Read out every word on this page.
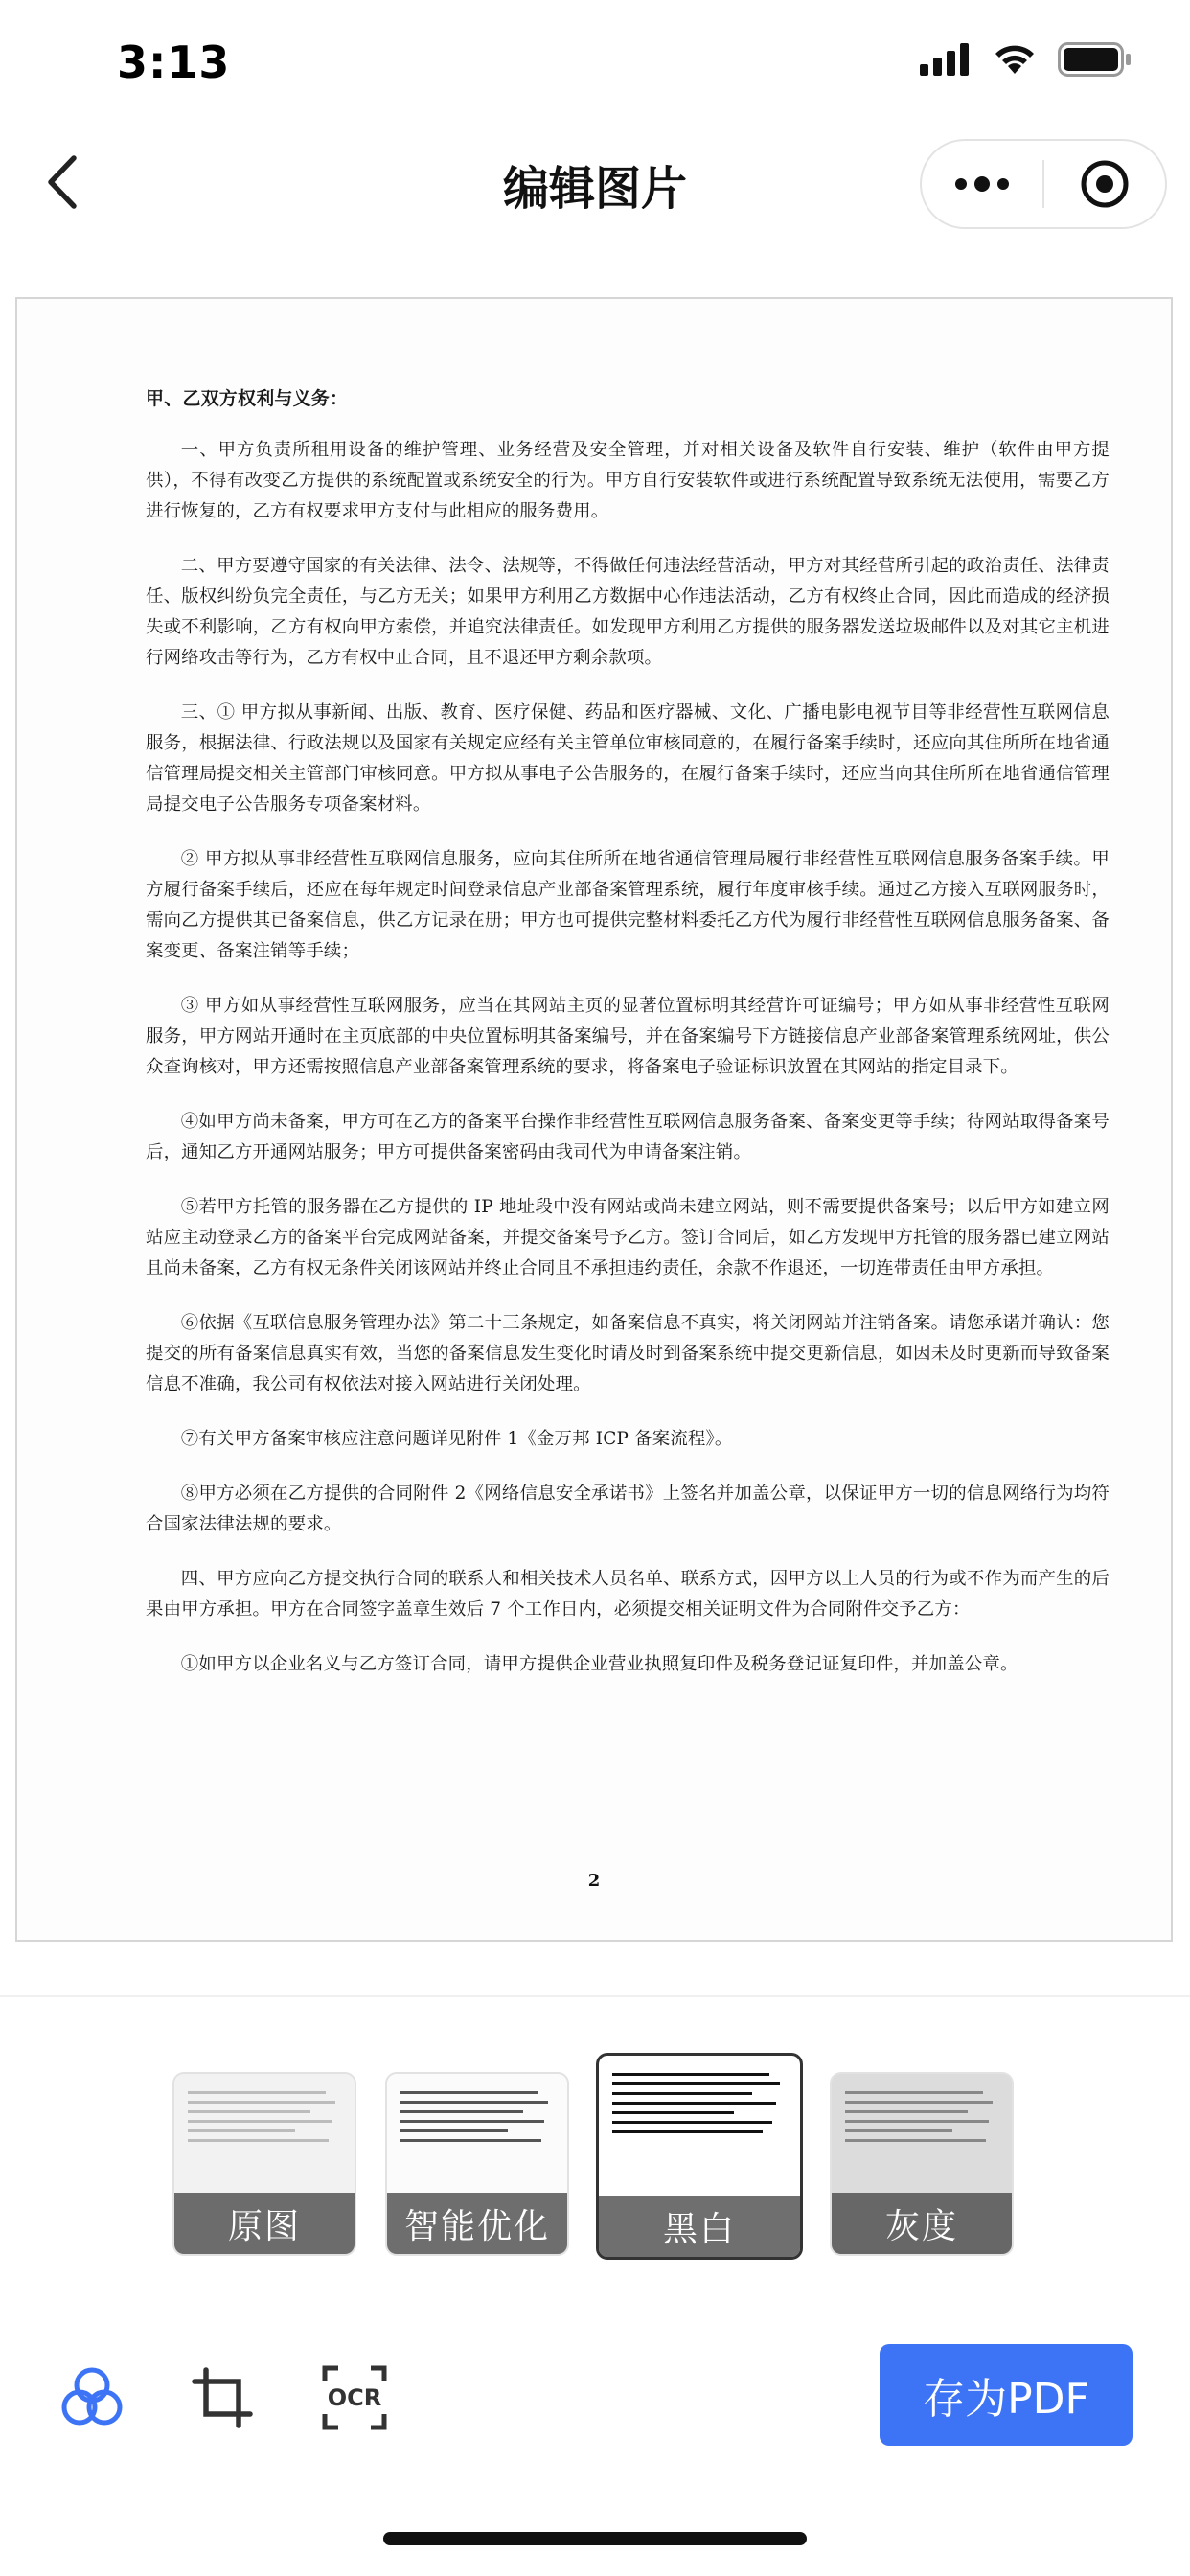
3:13
编辑图片
甲、乙双方权利与义务：

一、甲方负责所租用设备的维护管理、业务经营及安全管理，并对相关设备及软件自行安装、维护（软件由甲方提供），不得有改变乙方提供的系统配置或系统安全的行为。甲方自行安装软件或进行系统配置导致系统无法使用，需要乙方进行恢复的，乙方有权要求甲方支付与此相应的服务费用。

二、甲方要遵守国家的有关法律、法令、法规等，不得做任何违法经营活动，甲方对其经营所引起的政治责任、法律责任、版权纠纷负完全责任，与乙方无关；如果甲方利用乙方数据中心作违法活动，乙方有权终止合同，因此而造成的经济损失或不利影响，乙方有权向甲方索偿，并追究法律责任。如发现甲方利用乙方提供的服务器发送垃圾邮件以及对其它主机进行网络攻击等行为，乙方有权中止合同，且不退还甲方剩余款项。

三、① 甲方拟从事新闻、出版、教育、医疗保健、药品和医疗器械、文化、广播电影电视节目等非经营性互联网信息服务，根据法律、行政法规以及国家有关规定应经有关主管单位审核同意的，在履行备案手续时，还应向其住所所在地省通信管理局提交相关主管部门审核同意。甲方拟从事电子公告服务的，在履行备案手续时，还应当向其住所所在地省通信管理局提交电子公告服务专项备案材料。

② 甲方拟从事非经营性互联网信息服务，应向其住所所在地省通信管理局履行非经营性互联网信息服务备案手续。甲方履行备案手续后，还应在每年规定时间登录信息产业部备案管理系统，履行年度审核手续。通过乙方接入互联网服务时，需向乙方提供其已备案信息，供乙方记录在册；甲方也可提供完整材料委托乙方代为履行非经营性互联网信息服务备案、备案变更、备案注销等手续；

③ 甲方如从事经营性互联网服务，应当在其网站主页的显著位置标明其经营许可证编号；甲方如从事非经营性互联网服务，甲方网站开通时在主页底部的中央位置标明其备案编号，并在备案编号下方链接信息产业部备案管理系统网址，供公众查询核对，甲方还需按照信息产业部备案管理系统的要求，将备案电子验证标识放置在其网站的指定目录下。

④如甲方尚未备案，甲方可在乙方的备案平台操作非经营性互联网信息服务备案、备案变更等手续；待网站取得备案号后，通知乙方开通网站服务；甲方可提供备案密码由我司代为申请备案注销。

⑤若甲方托管的服务器在乙方提供的 IP 地址段中没有网站或尚未建立网站，则不需要提供备案号；以后甲方如建立网站应主动登录乙方的备案平台完成网站备案，并提交备案号予乙方。签订合同后，如乙方发现甲方托管的服务器已建立网站且尚未备案，乙方有权无条件关闭该网站并终止合同且不承担违约责任，余款不作退还，一切连带责任由甲方承担。

⑥依据《互联信息服务管理办法》第二十三条规定，如备案信息不真实，将关闭网站并注销备案。请您承诺并确认：您提交的所有备案信息真实有效，当您的备案信息发生变化时请及时到备案系统中提交更新信息，如因未及时更新而导致备案信息不准确，我公司有权依法对接入网站进行关闭处理。

⑦有关甲方备案审核应注意问题详见附件 1《金万邦 ICP 备案流程》。

⑧甲方必须在乙方提供的合同附件 2《网络信息安全承诺书》上签名并加盖公章，以保证甲方一切的信息网络行为均符合国家法律法规的要求。

四、甲方应向乙方提交执行合同的联系人和相关技术人员名单、联系方式，因甲方以上人员的行为或不作为而产生的后果由甲方承担。甲方在合同签字盖章生效后 7 个工作日内，必须提交相关证明文件为合同附件交予乙方：

①如甲方以企业名义与乙方签订合同，请甲方提供企业营业执照复印件及税务登记证复印件，并加盖公章。

2
原图	智能优化	黑白	灰度
OCR	存为PDF
